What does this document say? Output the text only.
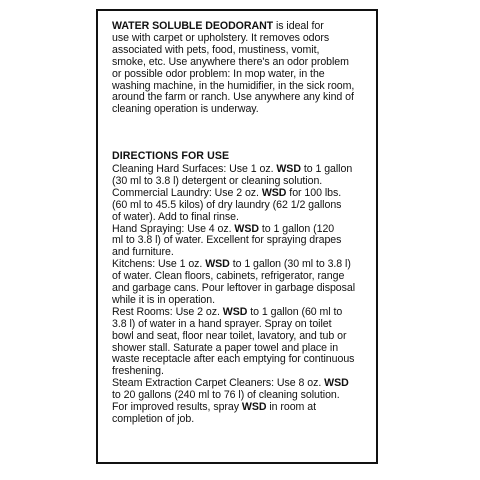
WATER SOLUBLE DEODORANT is ideal for
use with carpet or upholstery. It removes odors
associated with pets, food, mustiness, vomit,
smoke, etc. Use anywhere there's an odor problem
or possible odor problem: In mop water, in the
washing machine, in the humidifier, in the sick room,
around the farm or ranch. Use anywhere any kind of
cleaning operation is underway.
DIRECTIONS FOR USE
Cleaning Hard Surfaces: Use 1 oz. WSD to 1 gallon
(30 ml to 3.8 l) detergent or cleaning solution.
Commercial Laundry: Use 2 oz. WSD for 100 lbs.
(60 ml to 45.5 kilos) of dry laundry (62 1/2 gallons
of water). Add to final rinse.
Hand Spraying: Use 4 oz. WSD to 1 gallon (120
ml to 3.8 l) of water. Excellent for spraying drapes
and furniture.
Kitchens: Use 1 oz. WSD to 1 gallon (30 ml to 3.8 l)
of water. Clean floors, cabinets, refrigerator, range
and garbage cans. Pour leftover in garbage disposal
while it is in operation.
Rest Rooms: Use 2 oz. WSD to 1 gallon (60 ml to
3.8 l) of water in a hand sprayer. Spray on toilet
bowl and seat, floor near toilet, lavatory, and tub or
shower stall. Saturate a paper towel and place in
waste receptacle after each emptying for continuous
freshening.
Steam Extraction Carpet Cleaners: Use 8 oz. WSD
to 20 gallons (240 ml to 76 l) of cleaning solution.
For improved results, spray WSD in room at
completion of job.
